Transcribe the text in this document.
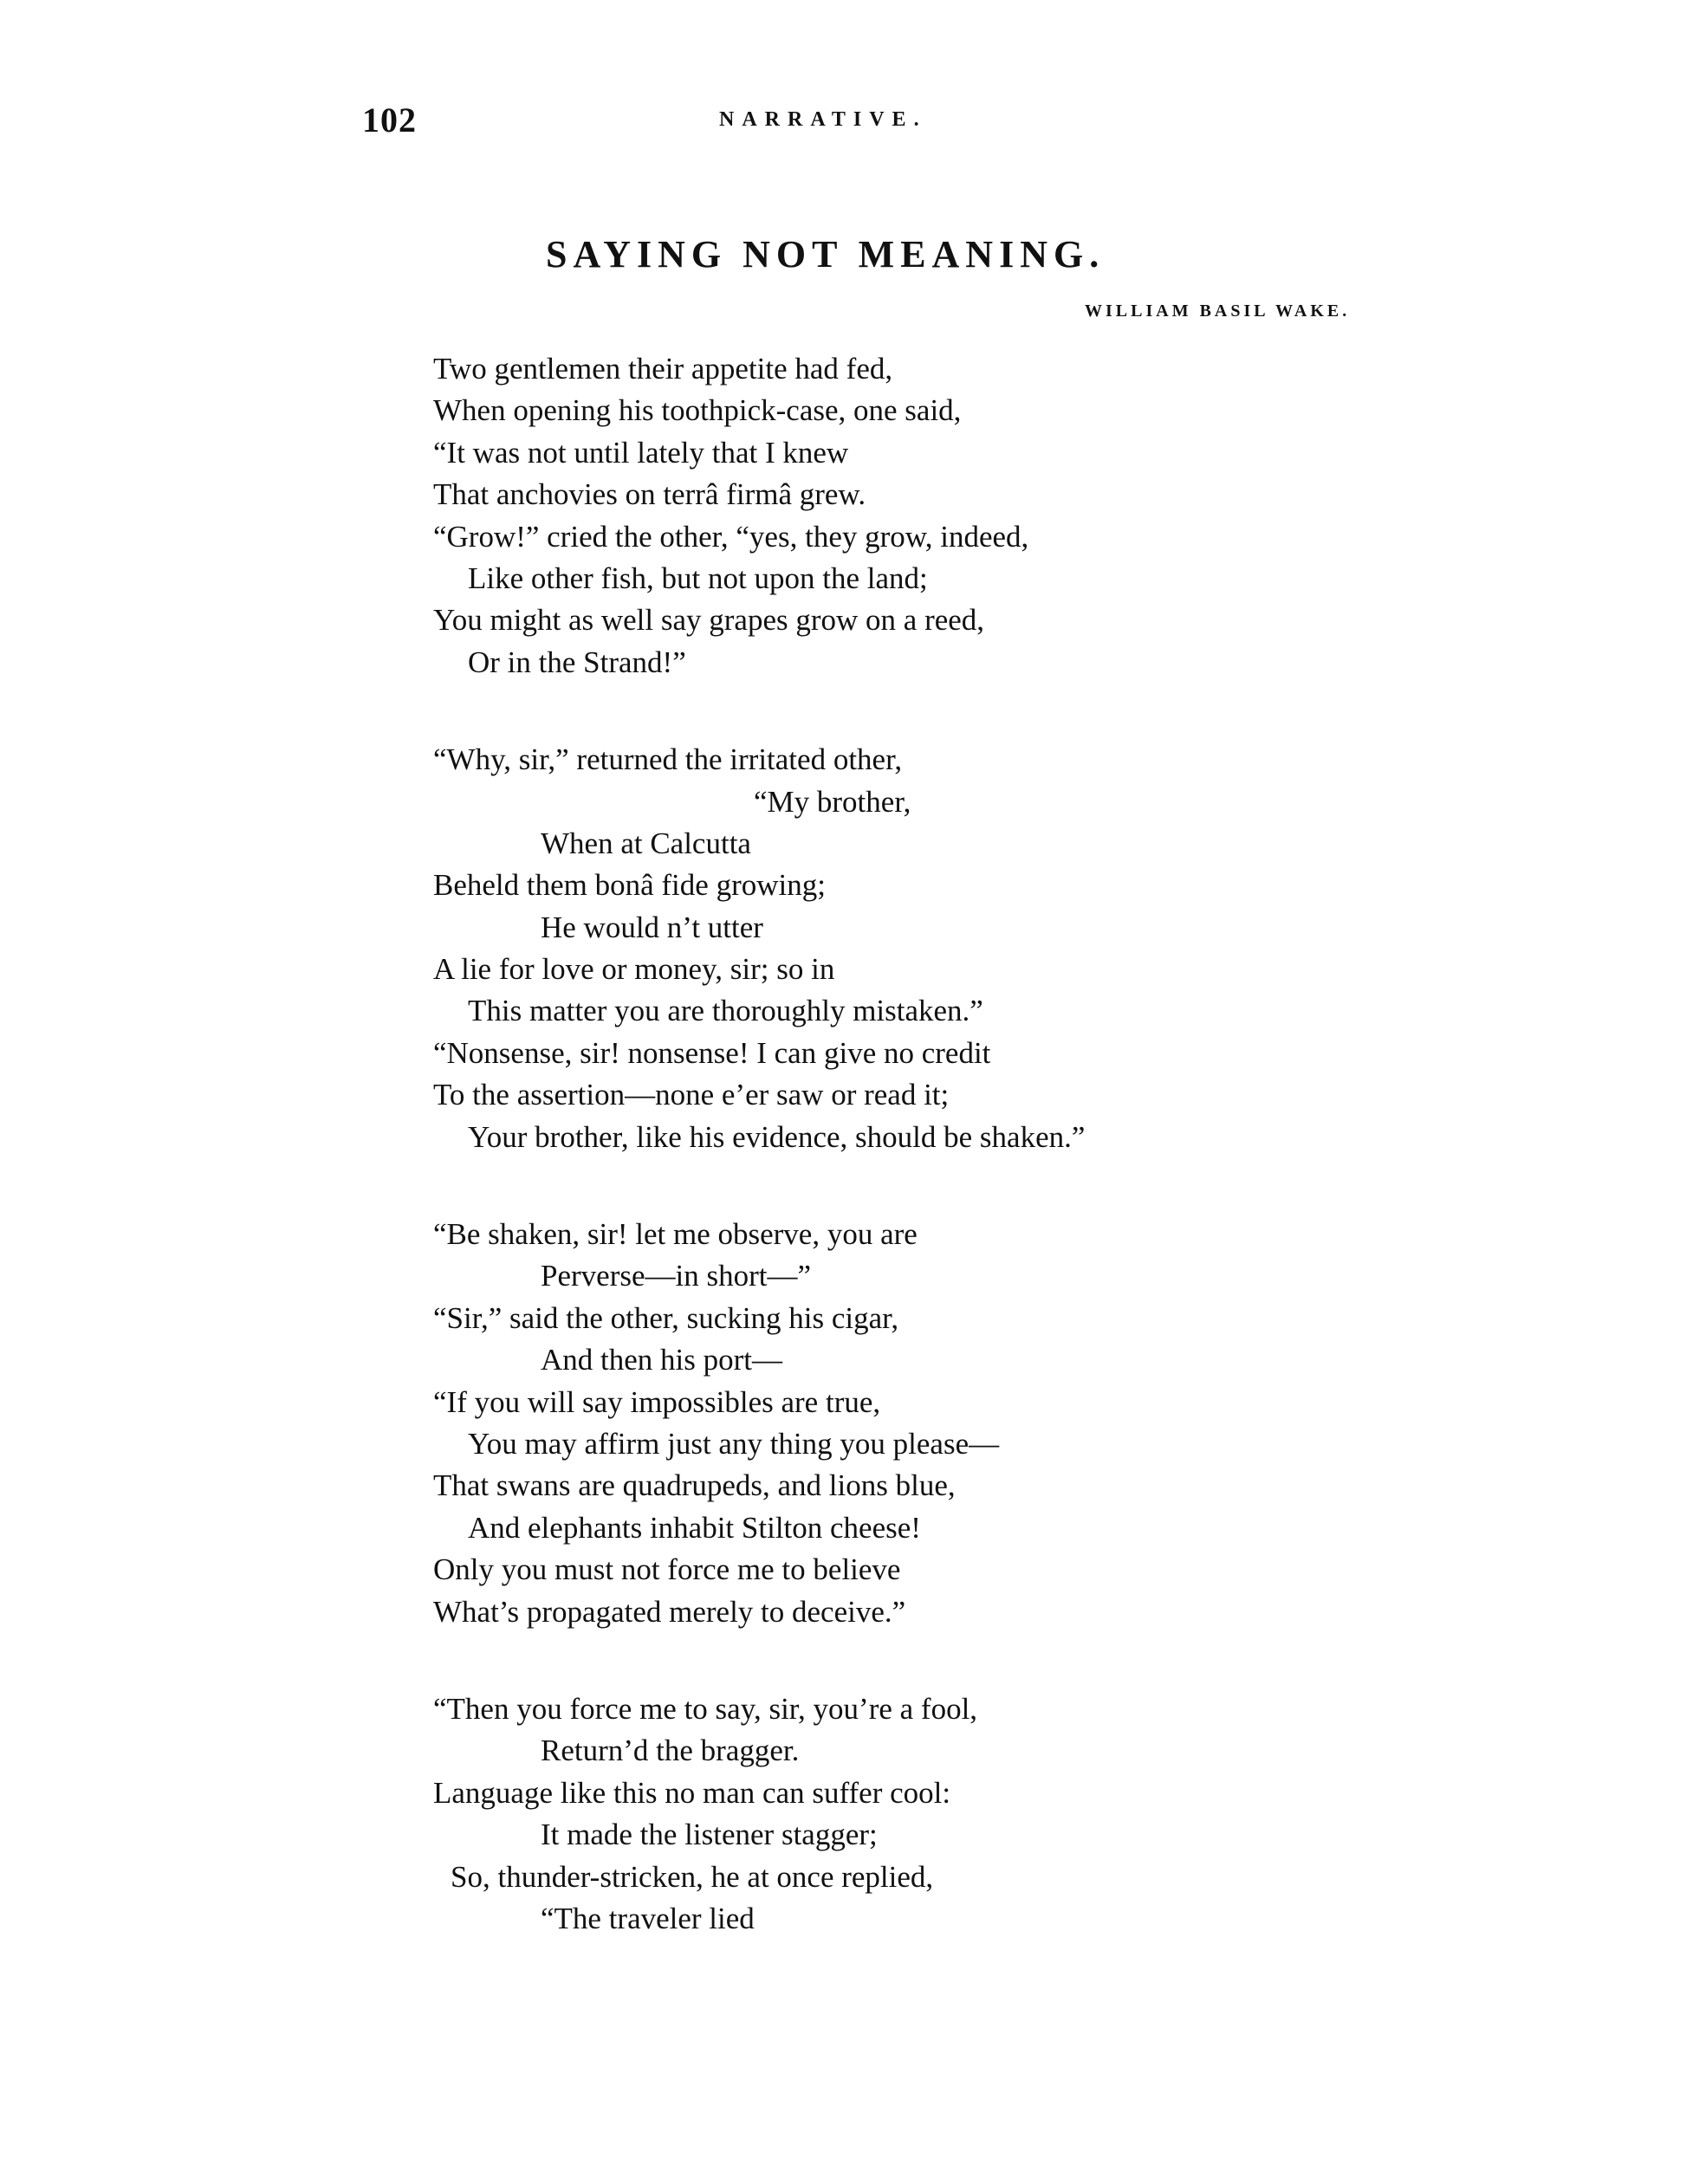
102	NARRATIVE.
SAYING NOT MEANING.
WILLIAM BASIL WAKE.
Two gentlemen their appetite had fed,
When opening his toothpick-case, one said,
“It was not until lately that I knew
That anchovies on terrâ firmâ grew.
“Grow!” cried the other, “yes, they grow, indeed,
Like other fish, but not upon the land;
You might as well say grapes grow on a reed,
Or in the Strand!”
“Why, sir,” returned the irritated other,
“My brother,
When at Calcutta
Beheld them bonâ fide growing;
He would n’t utter
A lie for love or money, sir; so in
This matter you are thoroughly mistaken.”
“Nonsense, sir! nonsense! I can give no credit
To the assertion—none e’er saw or read it;
Your brother, like his evidence, should be shaken.”
“Be shaken, sir! let me observe, you are
Perverse—in short—”
“Sir,” said the other, sucking his cigar,
And then his port—
“If you will say impossibles are true,
You may affirm just any thing you please—
That swans are quadrupeds, and lions blue,
And elephants inhabit Stilton cheese!
Only you must not force me to believe
What’s propagated merely to deceive.”
“Then you force me to say, sir, you’re a fool,
Return’d the bragger.
Language like this no man can suffer cool:
It made the listener stagger;
So, thunder-stricken, he at once replied,
“The traveler lied
